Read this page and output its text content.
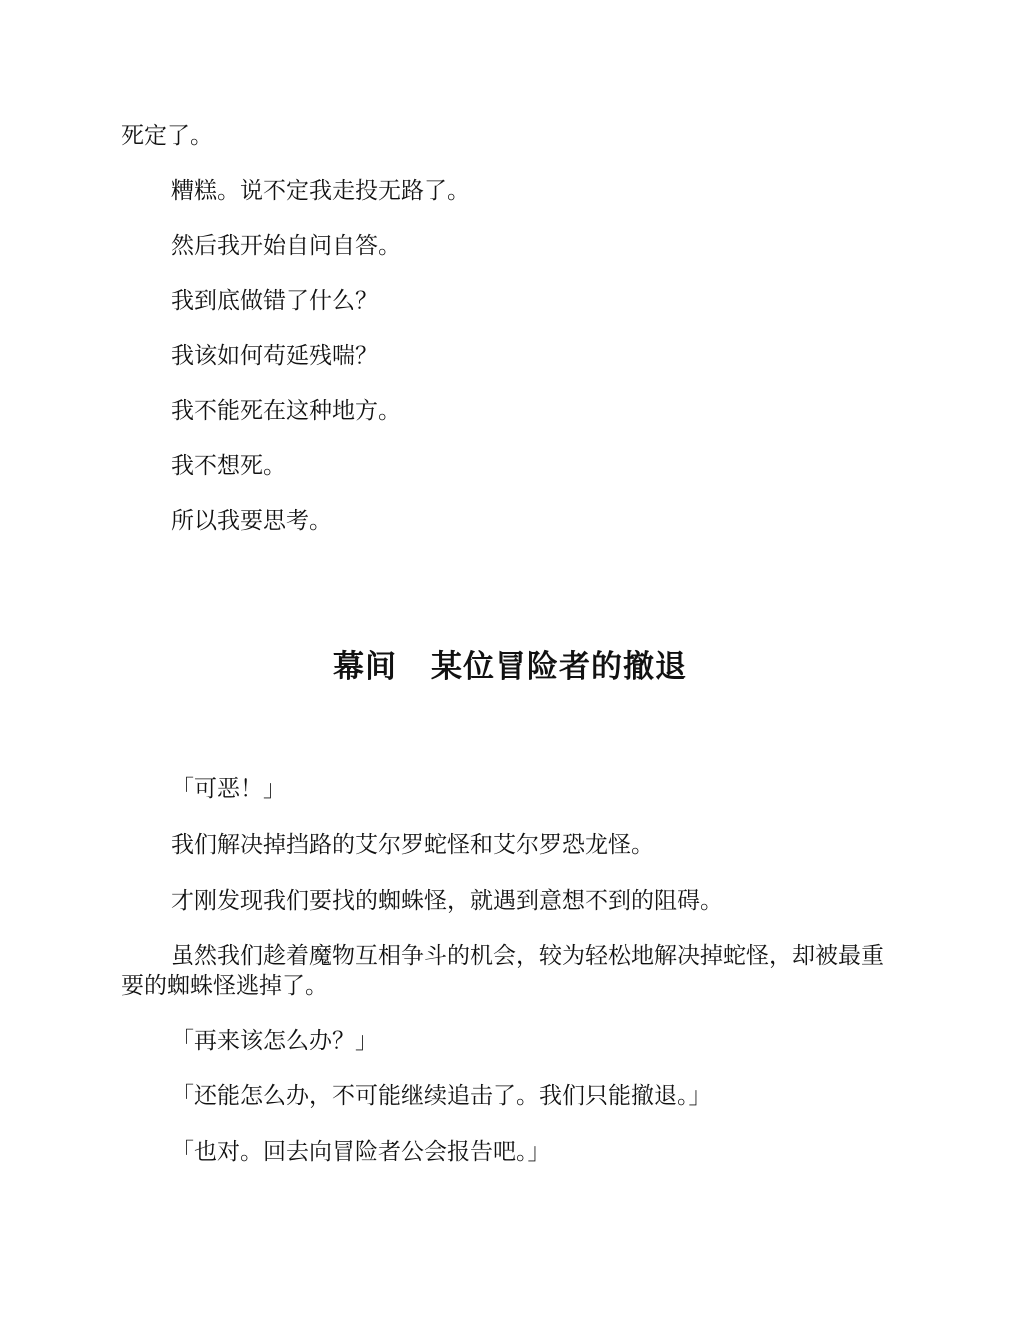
死定了。

糟糕。说不定我走投无路了。

然后我开始自问自答。

我到底做错了什么？

我该如何苟延残喘？

我不能死在这种地方。

我不想死。

所以我要思考。

幕间 某位冒险者的撤退

「可恶！」

我们解决掉挡路的艾尔罗蛇怪和艾尔罗恐龙怪。

才刚发现我们要找的蜘蛛怪，就遇到意想不到的阻碍。

虽然我们趁着魔物互相争斗的机会，较为轻松地解决掉蛇怪，却被最重要的蜘蛛怪逃掉了。

「再来该怎么办？」

「还能怎么办，不可能继续追击了。我们只能撤退。」

「也对。回去向冒险者公会报告吧。」
